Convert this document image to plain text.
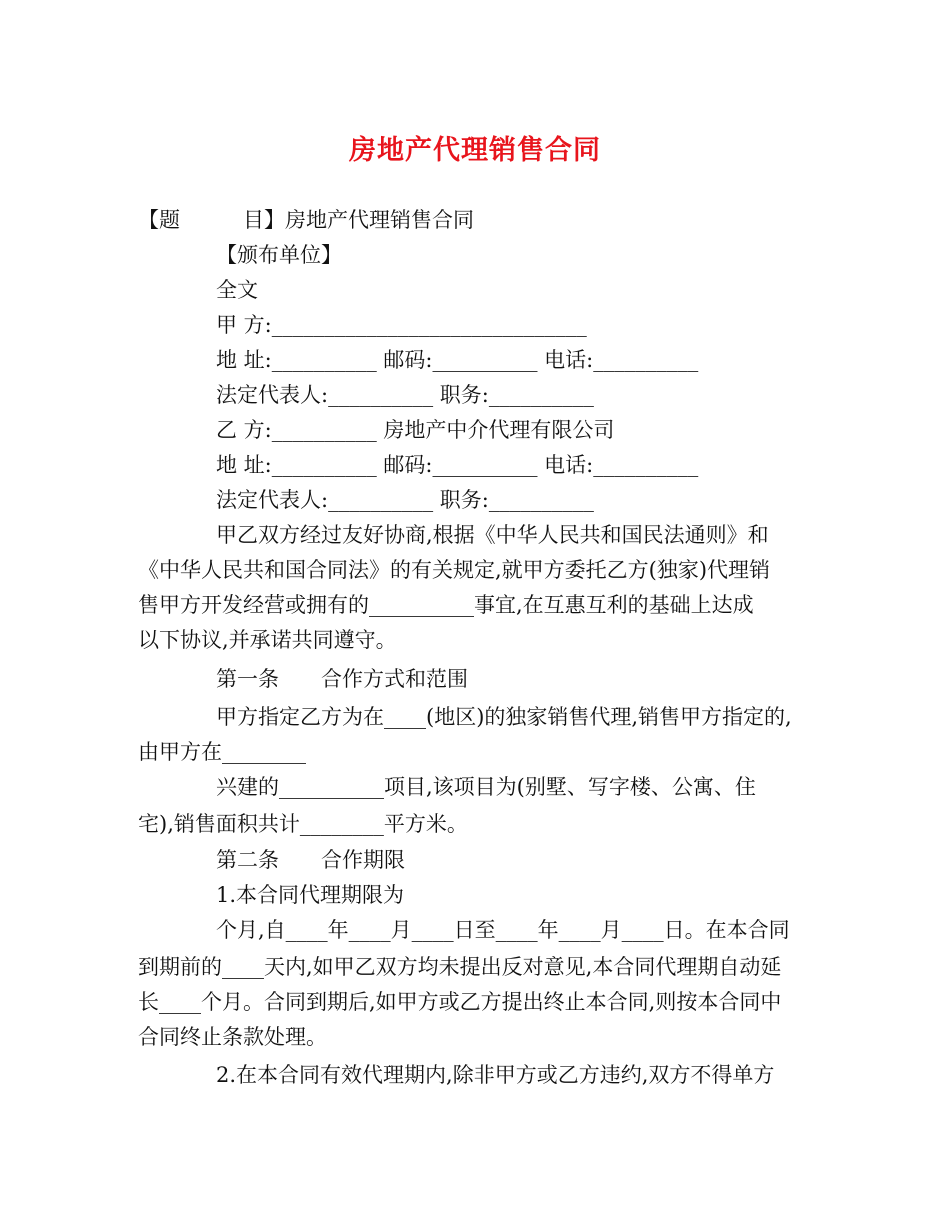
房地产代理销售合同
【题　　　目】房地产代理销售合同
【颁布单位】
全文
甲 方:______________________________
地 址:__________ 邮码:__________ 电话:__________
法定代表人:__________ 职务:__________
乙 方:__________ 房地产中介代理有限公司
地 址:__________ 邮码:__________ 电话:__________
法定代表人:__________ 职务:__________
甲乙双方经过友好协商,根据《中华人民共和国民法通则》和
《中华人民共和国合同法》的有关规定,就甲方委托乙方(独家)代理销
售甲方开发经营或拥有的__________事宜,在互惠互利的基础上达成
以下协议,并承诺共同遵守。
第一条　　合作方式和范围
甲方指定乙方为在____(地区)的独家销售代理,销售甲方指定的,
由甲方在________
兴建的__________项目,该项目为(别墅、写字楼、公寓、住
宅),销售面积共计________平方米。
第二条　　合作期限
1.本合同代理期限为
个月,自____年____月____日至____年____月____日。在本合同
到期前的____天内,如甲乙双方均未提出反对意见,本合同代理期自动延
长____个月。合同到期后,如甲方或乙方提出终止本合同,则按本合同中
合同终止条款处理。
2.在本合同有效代理期内,除非甲方或乙方违约,双方不得单方
